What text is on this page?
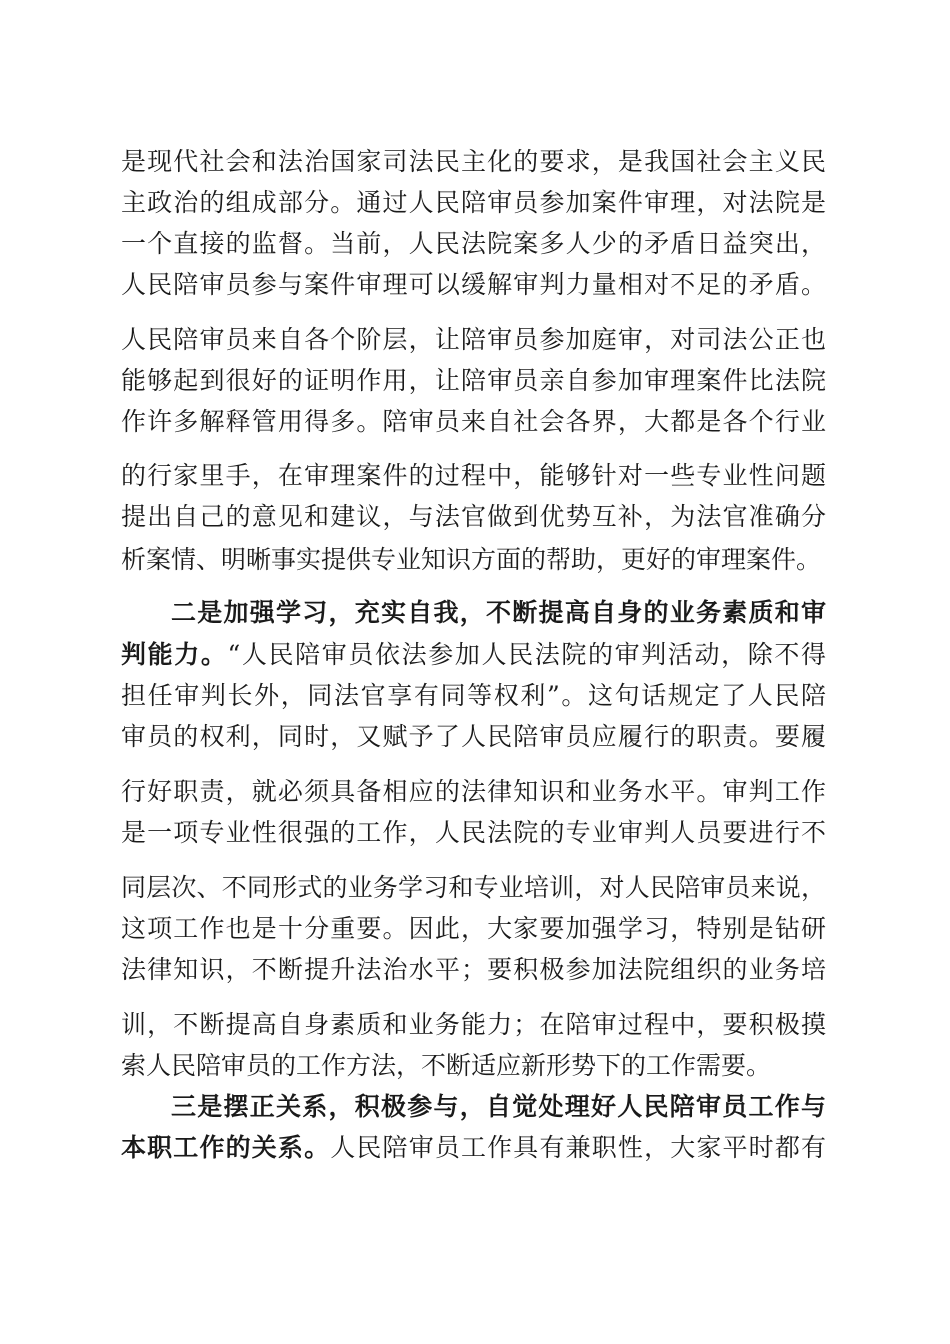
是现代社会和法治国家司法民主化的要求，是我国社会主义民
主政治的组成部分。通过人民陪审员参加案件审理，对法院是
一个直接的监督。当前，人民法院案多人少的矛盾日益突出，
人民陪审员参与案件审理可以缓解审判力量相对不足的矛盾。
人民陪审员来自各个阶层，让陪审员参加庭审，对司法公正也
能够起到很好的证明作用，让陪审员亲自参加审理案件比法院
作许多解释管用得多。陪审员来自社会各界，大都是各个行业
的行家里手，在审理案件的过程中，能够针对一些专业性问题
提出自己的意见和建议，与法官做到优势互补，为法官准确分
析案情、明晰事实提供专业知识方面的帮助，更好的审理案件。
二是加强学习，充实自我，不断提高自身的业务素质和审
判能力。“人民陪审员依法参加人民法院的审判活动，除不得
担任审判长外，同法官享有同等权利”。这句话规定了人民陪
审员的权利，同时，又赋予了人民陪审员应履行的职责。要履
行好职责，就必须具备相应的法律知识和业务水平。审判工作
是一项专业性很强的工作，人民法院的专业审判人员要进行不
同层次、不同形式的业务学习和专业培训，对人民陪审员来说，
这项工作也是十分重要。因此，大家要加强学习，特别是钻研
法律知识，不断提升法治水平；要积极参加法院组织的业务培
训，不断提高自身素质和业务能力；在陪审过程中，要积极摸
索人民陪审员的工作方法，不断适应新形势下的工作需要。
三是摆正关系，积极参与，自觉处理好人民陪审员工作与
本职工作的关系。人民陪审员工作具有兼职性，大家平时都有
